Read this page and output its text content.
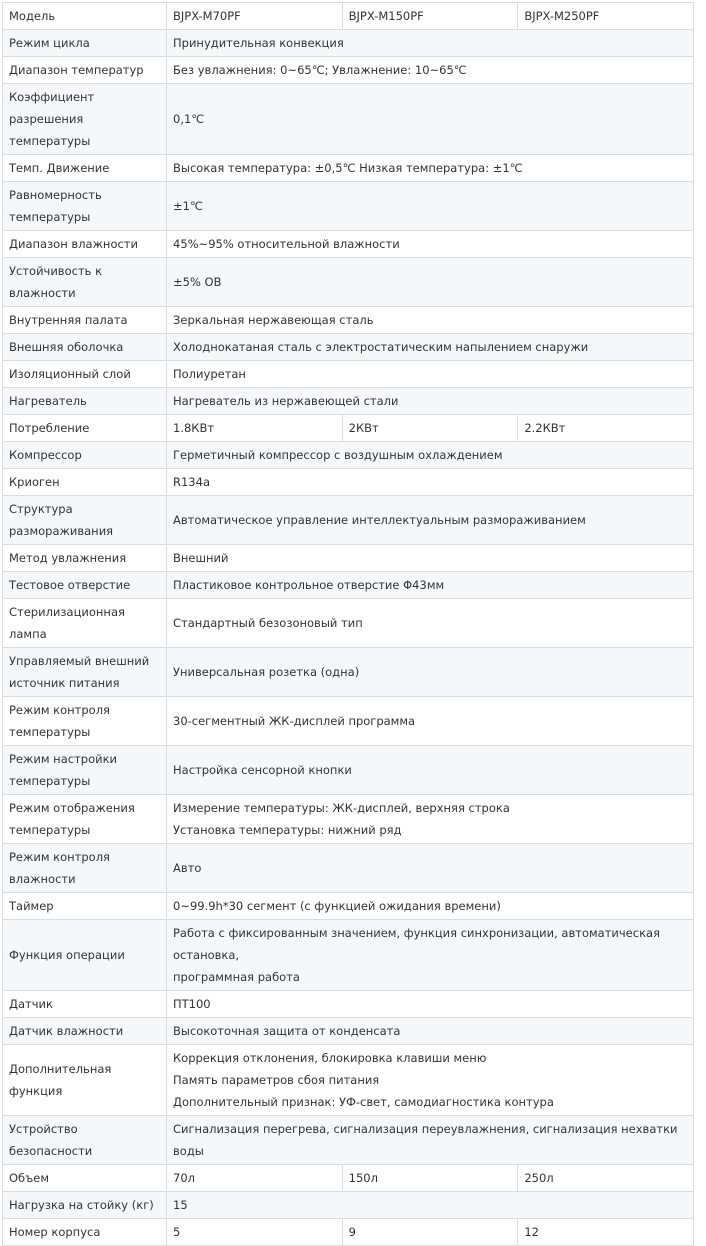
Модель	BJPX-M70PF	BJPX-M150PF	BJPX-M250PF
Режим цикла	Принудительная конвекция		
Диапазон температур	Без увлажнения: 0~65℃; Увлажнение: 10~65℃		

Коэффициент разрешения
температуры	0,1℃		
Темп. Движение	Высокая температура: ±0,5℃ Низкая температура: ±1℃		
Равномерность температуры	±1℃		
Диапазон влажности	45%~95% относительной влажности		
Устойчивость к влажности	±5% ОВ		
Внутренняя палата	Зеркальная нержавеющая сталь		
Внешняя оболочка	Холоднокатаная сталь с электростатическим напылением снаружи		
Изоляционный слой	Полиуретан		
Нагреватель	Нагреватель из нержавеющей стали		
Потребление	1.8КВт	2КВт	2.2КВт
Компрессор	Герметичный компрессор с воздушным охлаждением		
Криоген	R134a		
Структура размораживания	Автоматическое управление интеллектуальным размораживанием		
Метод увлажнения	Внешний		
Тестовое отверстие	Пластиковое контрольное отверстие Φ43мм		
Стерилизационная лампа	Стандартный безозоновый тип		

Управляемый внешний
источник питания	Универсальная розетка (одна)		
Режим контроля температуры	30-сегментный ЖК-дисплей программа		

Режим настройки
температуры	Настройка сенсорной кнопки		

Режим отображения
температуры	Измерение температуры: ЖК-дисплей, верхняя строка
Установка температуры: нижний ряд		

Режим контроля влажности	Авто		
Таймер	0~99.9h*30 сегмент (с функцией ожидания времени)		
Функция операции	Работа с фиксированным значением, функция синхронизации, автоматическая остановка,
программная работа		

Датчик	ПТ100		
Датчик влажности	Высокоточная защита от конденсата		
Дополнительная функция	Коррекция отклонения, блокировка клавиши меню
Память параметров сбоя питания
Дополнительный признак: УФ-свет, самодиагностика контура		

Устройство безопасности	Сигнализация перегрева, сигнализация переувлажнения, сигнализация нехватки воды		
Объем	70л	150л	250л
Нагрузка на стойку (кг)	15		
Номер корпуса	5	9	12
